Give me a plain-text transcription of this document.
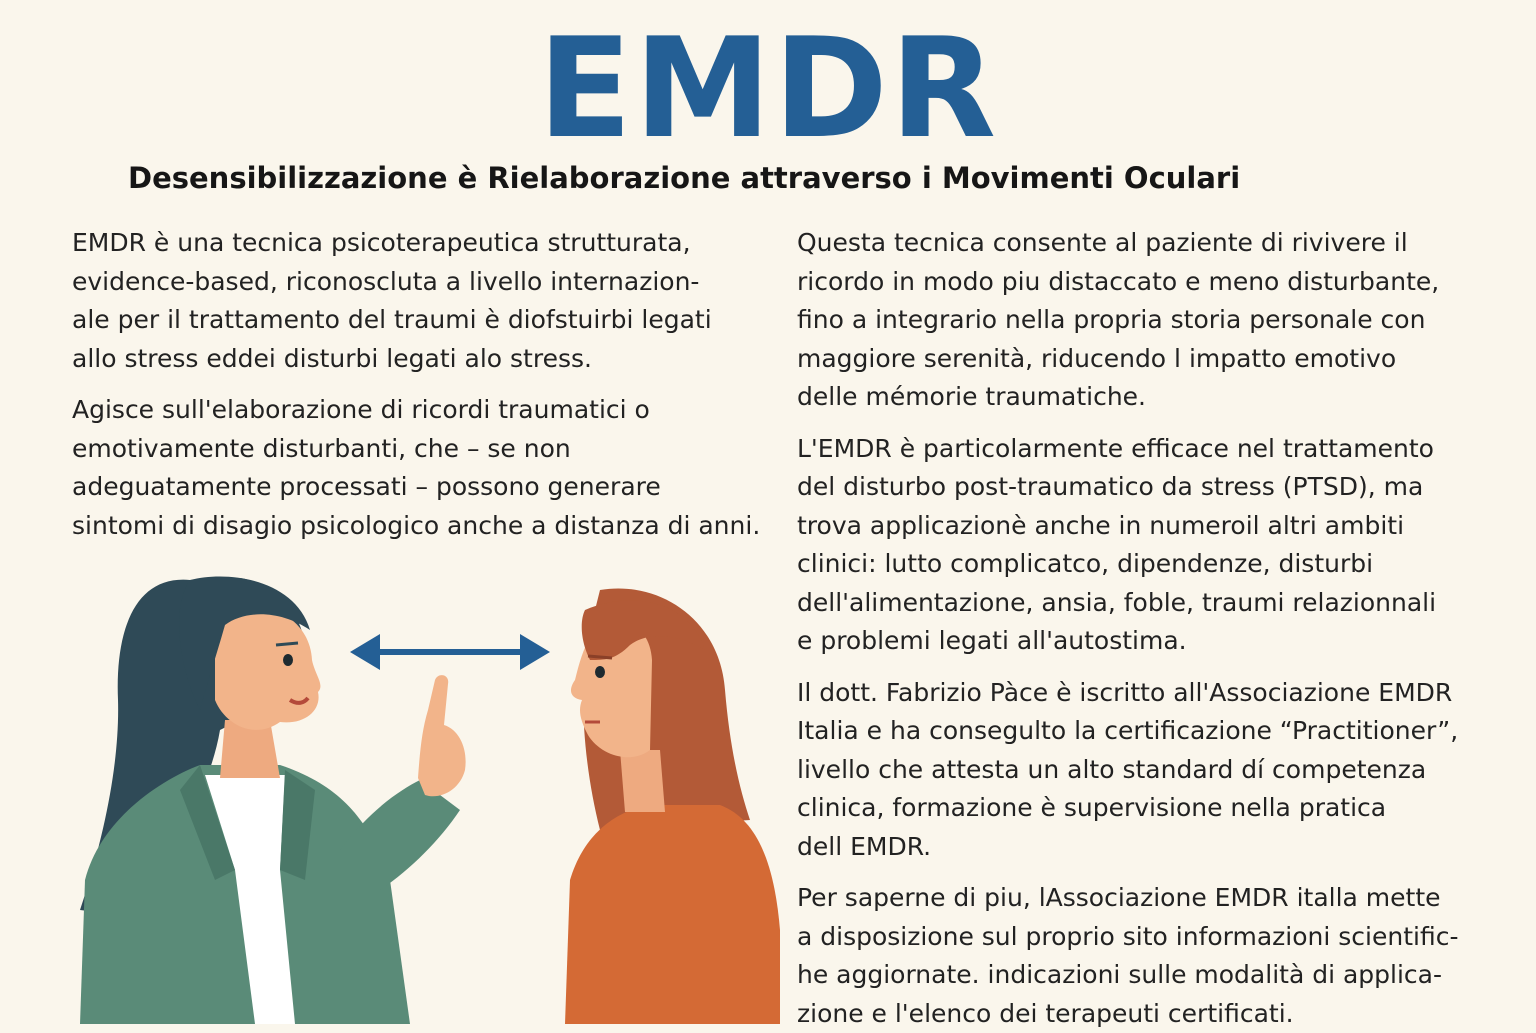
EMDR
Desensibilizzazione è Rielaborazione attraverso i Movimenti Oculari

EMDR è una tecnica psicoterapeutica strutturata,
evidence-based, riconoscluta a livello internazion-
ale per il trattamento del traumi è diofstuirbi legati
allo stress eddei disturbi legati alo stress.

Agisce sull'elaborazione di ricordi traumatici o
emotivamente disturbanti, che – se non
adeguatamente processati – possono generare
sintomi di disagio psicologico anche a distanza di anni.

Questa tecnica consente al paziente di rivivere il
ricordo in modo piu distaccato e meno disturbante,
fino a integrario nella propria storia personale con
maggiore serenità, riducendo l impatto emotivo
delle mémorie traumatiche.

L'EMDR è particolarmente efficace nel trattamento
del disturbo post-traumatico da stress (PTSD), ma
trova applicazionè anche in numeroil altri ambiti
clinici: lutto complicatco, dipendenze, disturbi
dell'alimentazione, ansia, foble, traumi relazionnali
e problemi legati all'autostima.

Il dott. Fabrizio Pàce è iscritto all'Associazione EMDR
Italia e ha consegulto la certificazione “Practitioner”,
livello che attesta un alto standard dí competenza
clinica, formazione è supervisione nella pratica
dell EMDR.

Per saperne di piu, lAssociazione EMDR italla mette
a disposizione sul proprio sito informazioni scientific-
he aggiornate. indicazioni sulle modalità di applica-
zione e l'elenco dei terapeuti certificati.
